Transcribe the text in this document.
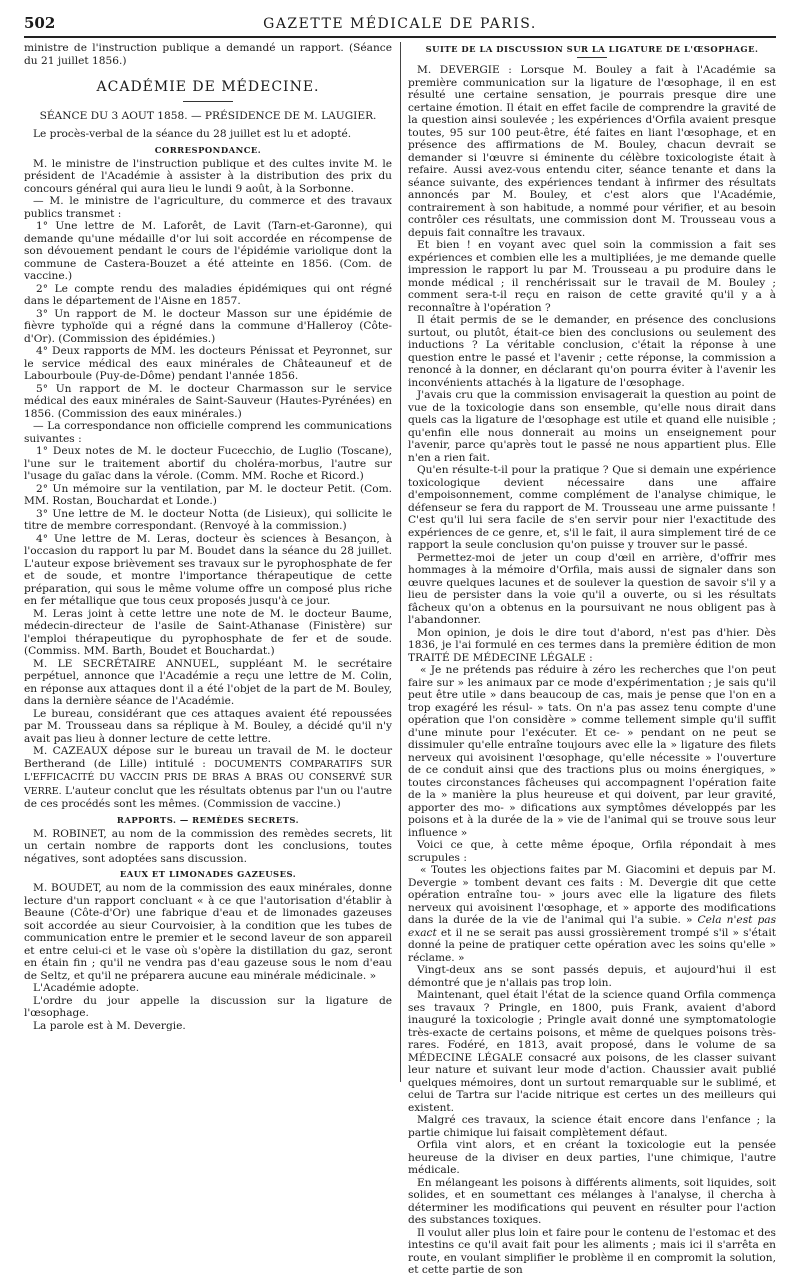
502	GAZETTE MÉDICALE DE PARIS.

ministre de l'instruction publique a demandé un rapport. (Séance du 21 juillet 1856.)

ACADÉMIE DE MÉDECINE.
SÉANCE DU 3 AOUT 1858. — PRÉSIDENCE DE M. LAUGIER.

Le procès-verbal de la séance du 28 juillet est lu et adopté.

CORRESPONDANCE.

M. le ministre de l'instruction publique et des cultes invite M. le président de l'Académie à assister à la distribution des prix du concours général qui aura lieu le lundi 9 août, à la Sorbonne.

— M. le ministre de l'agriculture, du commerce et des travaux publics transmet :

1° Une lettre de M. Laforêt, de Lavit (Tarn-et-Garonne), qui demande qu'une médaille d'or lui soit accordée en récompense de son dévouement pendant le cours de l'épidémie variolique dont la commune de Castera-Bouzet a été atteinte en 1856. (Com. de vaccine.)

2° Le compte rendu des maladies épidémiques qui ont régné dans le département de l'Aisne en 1857.

3° Un rapport de M. le docteur Masson sur une épidémie de fièvre typhoïde qui a régné dans la commune d'Halleroy (Côte-d'Or). (Commission des épidémies.)

4° Deux rapports de MM. les docteurs Pénissat et Peyronnet, sur le service médical des eaux minérales de Châteauneuf et de Labourboule (Puy-de-Dôme) pendant l'année 1856.

5° Un rapport de M. le docteur Charmasson sur le service médical des eaux minérales de Saint-Sauveur (Hautes-Pyrénées) en 1856. (Commission des eaux minérales.)

— La correspondance non officielle comprend les communications suivantes :

1° Deux notes de M. le docteur Fucecchio, de Luglio (Toscane), l'une sur le traitement abortif du choléra-morbus, l'autre sur l'usage du gaïac dans la vérole. (Comm. MM. Roche et Ricord.)

2° Un mémoire sur la ventilation, par M. le docteur Petit. (Com. MM. Rostan, Bouchardat et Londe.)

3° Une lettre de M. le docteur Notta (de Lisieux), qui sollicite le titre de membre correspondant. (Renvoyé à la commission.)

4° Une lettre de M. Leras, docteur ès sciences à Besançon, à l'occasion du rapport lu par M. Boudet dans la séance du 28 juillet. L'auteur expose brièvement ses travaux sur le pyrophosphate de fer et de soude, et montre l'importance thérapeutique de cette préparation, qui sous le même volume offre un composé plus riche en fer métallique que tous ceux proposés jusqu'à ce jour.

M. Leras joint à cette lettre une note de M. le docteur Baume, médecin-directeur de l'asile de Saint-Athanase (Finistère) sur l'emploi thérapeutique du pyrophosphate de fer et de soude. (Commiss. MM. Barth, Boudet et Bouchardat.)

M. LE SECRÉTAIRE ANNUEL, suppléant M. le secrétaire perpétuel, annonce que l'Académie a reçu une lettre de M. Colin, en réponse aux attaques dont il a été l'objet de la part de M. Bouley, dans la dernière séance de l'Académie.

Le bureau, considérant que ces attaques avaient été repoussées par M. Trousseau dans sa réplique à M. Bouley, a décidé qu'il n'y avait pas lieu à donner lecture de cette lettre.

M. CAZEAUX dépose sur le bureau un travail de M. le docteur Bertherand (de Lille) intitulé : DOCUMENTS COMPARATIFS SUR L'EFFICACITÉ DU VACCIN PRIS DE BRAS A BRAS OU CONSERVÉ SUR VERRE. L'auteur conclut que les résultats obtenus par l'un ou l'autre de ces procédés sont les mêmes. (Commission de vaccine.)

RAPPORTS. — REMÈDES SECRETS.

M. ROBINET, au nom de la commission des remèdes secrets, lit un certain nombre de rapports dont les conclusions, toutes négatives, sont adoptées sans discussion.

EAUX ET LIMONADES GAZEUSES.

M. BOUDET, au nom de la commission des eaux minérales, donne lecture d'un rapport concluant « à ce que l'autorisation d'établir à Beaune (Côte-d'Or) une fabrique d'eau et de limonades gazeuses soit accordée au sieur Courvoisier, à la condition que les tubes de communication entre le premier et le second laveur de son appareil et entre celui-ci et le vase où s'opère la distillation du gaz, seront en étain fin ; qu'il ne vendra pas d'eau gazeuse sous le nom d'eau de Seltz, et qu'il ne préparera aucune eau minérale médicinale. »

L'Académie adopte.

L'ordre du jour appelle la discussion sur la ligature de l'œsophage.

La parole est à M. Devergie.

SUITE DE LA DISCUSSION SUR LA LIGATURE DE L'ŒSOPHAGE.

M. DEVERGIE : Lorsque M. Bouley a fait à l'Académie sa première communication sur la ligature de l'œsophage, il en est résulté une certaine sensation, je pourrais presque dire une certaine émotion. Il était en effet facile de comprendre la gravité de la question ainsi soulevée ; les expériences d'Orfila avaient presque toutes, 95 sur 100 peut-être, été faites en liant l'œsophage, et en présence des affirmations de M. Bouley, chacun devrait se demander si l'œuvre si éminente du célèbre toxicologiste était à refaire. Aussi avez-vous entendu citer, séance tenante et dans la séance suivante, des expériences tendant à infirmer des résultats annoncés par M. Bouley, et c'est alors que l'Académie, contrairement à son habitude, a nommé pour vérifier, et au besoin contrôler ces résultats, une commission dont M. Trousseau vous a depuis fait connaître les travaux.

Et bien ! en voyant avec quel soin la commission a fait ses expériences et combien elle les a multipliées, je me demande quelle impression le rapport lu par M. Trousseau a pu produire dans le monde médical ; il renchérissait sur le travail de M. Bouley ; comment sera-t-il reçu en raison de cette gravité qu'il y a à reconnaître à l'opération ?

Il était permis de se le demander, en présence des conclusions surtout, ou plutôt, était-ce bien des conclusions ou seulement des inductions ? La véritable conclusion, c'était la réponse à une question entre le passé et l'avenir ; cette réponse, la commission a renoncé à la donner, en déclarant qu'on pourra éviter à l'avenir les inconvénients attachés à la ligature de l'œsophage.

J'avais cru que la commission envisagerait la question au point de vue de la toxicologie dans son ensemble, qu'elle nous dirait dans quels cas la ligature de l'œsophage est utile et quand elle nuisible ; qu'enfin elle nous donnerait au moins un enseignement pour l'avenir, parce qu'après tout le passé ne nous appartient plus. Elle n'en a rien fait.

Qu'en résulte-t-il pour la pratique ? Que si demain une expérience toxicologique devient nécessaire dans une affaire d'empoisonnement, comme complément de l'analyse chimique, le défenseur se fera du rapport de M. Trousseau une arme puissante ! C'est qu'il lui sera facile de s'en servir pour nier l'exactitude des expériences de ce genre, et, s'il le fait, il aura simplement tiré de ce rapport la seule conclusion qu'on puisse y trouver sur le passé.

Permettez-moi de jeter un coup d'œil en arrière, d'offrir mes hommages à la mémoire d'Orfila, mais aussi de signaler dans son œuvre quelques lacunes et de soulever la question de savoir s'il y a lieu de persister dans la voie qu'il a ouverte, ou si les résultats fâcheux qu'on a obtenus en la poursuivant ne nous obligent pas à l'abandonner.

Mon opinion, je dois le dire tout d'abord, n'est pas d'hier. Dès 1836, je l'ai formulé en ces termes dans la première édition de mon TRAITÉ DE MÉDECINE LÉGALE :

« Je ne prétends pas réduire à zéro les recherches que l'on peut faire sur » les animaux par ce mode d'expérimentation ; je sais qu'il peut être utile » dans beaucoup de cas, mais je pense que l'on en a trop exagéré les résul- » tats. On n'a pas assez tenu compte d'une opération que l'on considère » comme tellement simple qu'il suffit d'une minute pour l'exécuter. Et ce- » pendant on ne peut se dissimuler qu'elle entraîne toujours avec elle la » ligature des filets nerveux qui avoisinent l'œsophage, qu'elle nécessite » l'ouverture de ce conduit ainsi que des tractions plus ou moins énergiques, » toutes circonstances fâcheuses qui accompagnent l'opération faite de la » manière la plus heureuse et qui doivent, par leur gravité, apporter des mo- » difications aux symptômes développés par les poisons et à la durée de la » vie de l'animal qui se trouve sous leur influence »

Voici ce que, à cette même époque, Orfila répondait à mes scrupules :

« Toutes les objections faites par M. Giacomini et depuis par M. Devergie » tombent devant ces faits : M. Devergie dit que cette opération entraîne tou- » jours avec elle la ligature des filets nerveux qui avoisinent l'œsophage, et » apporte des modifications dans la durée de la vie de l'animal qui l'a subie. » Cela n'est pas exact et il ne se serait pas aussi grossièrement trompé s'il » s'était donné la peine de pratiquer cette opération avec les soins qu'elle » réclame. »

Vingt-deux ans se sont passés depuis, et aujourd'hui il est démontré que je n'allais pas trop loin.

Maintenant, quel était l'état de la science quand Orfila commença ses travaux ? Pringle, en 1800, puis Frank, avaient d'abord inauguré la toxicologie ; Pringle avait donné une symptomatologie très-exacte de certains poisons, et même de quelques poisons très-rares. Fodéré, en 1813, avait proposé, dans le volume de sa MÉDECINE LÉGALE consacré aux poisons, de les classer suivant leur nature et suivant leur mode d'action. Chaussier avait publié quelques mémoires, dont un surtout remarquable sur le sublimé, et celui de Tartra sur l'acide nitrique est certes un des meilleurs qui existent.

Malgré ces travaux, la science était encore dans l'enfance ; la partie chimique lui faisait complètement défaut.

Orfila vint alors, et en créant la toxicologie eut la pensée heureuse de la diviser en deux parties, l'une chimique, l'autre médicale.

En mélangeant les poisons à différents aliments, soit liquides, soit solides, et en soumettant ces mélanges à l'analyse, il chercha à déterminer les modifications qui peuvent en résulter pour l'action des substances toxiques.

Il voulut aller plus loin et faire pour le contenu de l'estomac et des intestins ce qu'il avait fait pour les aliments ; mais ici il s'arrêta en route, en voulant simplifier le problème il en compromit la solution, et cette partie de son
